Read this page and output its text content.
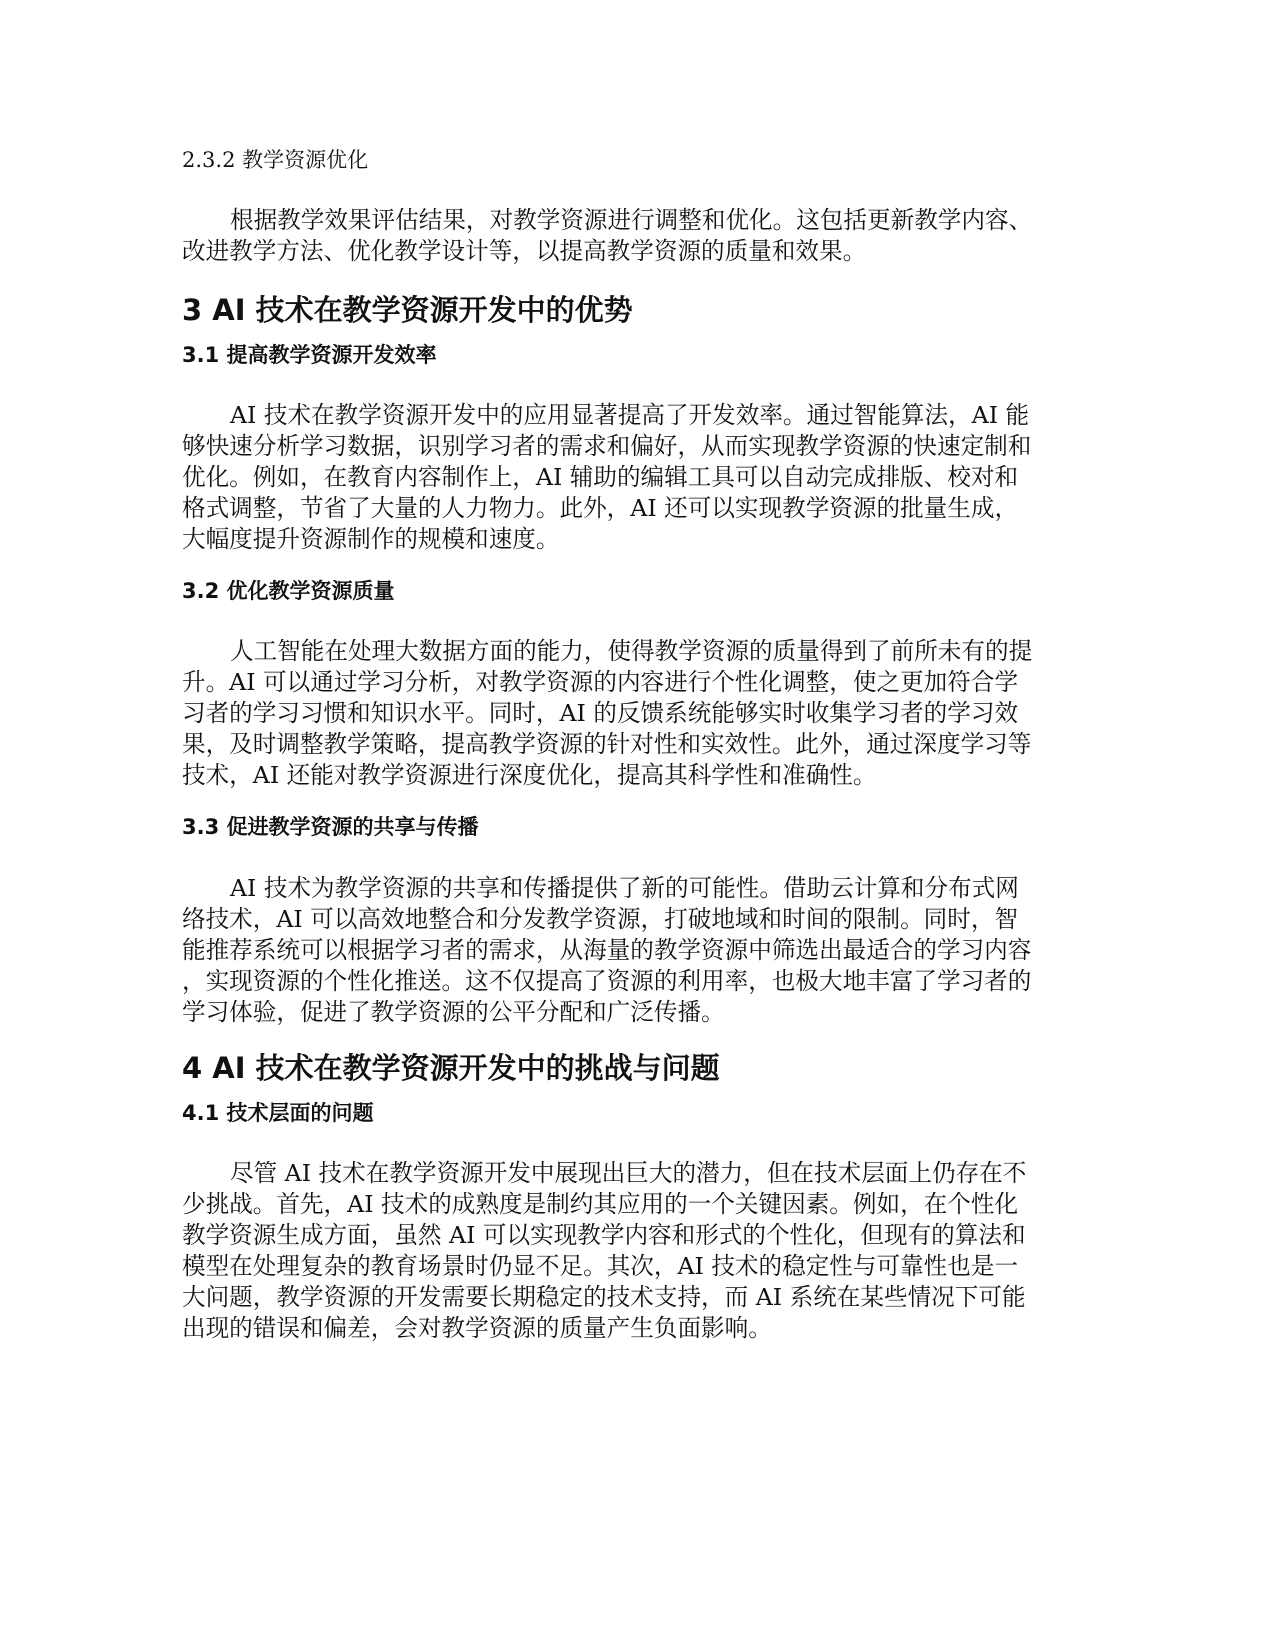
2.3.2 教学资源优化
根据教学效果评估结果，对教学资源进行调整和优化。这包括更新教学内容、
改进教学方法、优化教学设计等，以提高教学资源的质量和效果。
3 AI 技术在教学资源开发中的优势
3.1 提高教学资源开发效率
AI 技术在教学资源开发中的应用显著提高了开发效率。通过智能算法，AI 能
够快速分析学习数据，识别学习者的需求和偏好，从而实现教学资源的快速定制和
优化。例如，在教育内容制作上，AI 辅助的编辑工具可以自动完成排版、校对和
格式调整，节省了大量的人力物力。此外，AI 还可以实现教学资源的批量生成，
大幅度提升资源制作的规模和速度。
3.2 优化教学资源质量
人工智能在处理大数据方面的能力，使得教学资源的质量得到了前所未有的提
升。AI 可以通过学习分析，对教学资源的内容进行个性化调整，使之更加符合学
习者的学习习惯和知识水平。同时，AI 的反馈系统能够实时收集学习者的学习效
果，及时调整教学策略，提高教学资源的针对性和实效性。此外，通过深度学习等
技术，AI 还能对教学资源进行深度优化，提高其科学性和准确性。
3.3 促进教学资源的共享与传播
AI 技术为教学资源的共享和传播提供了新的可能性。借助云计算和分布式网
络技术，AI 可以高效地整合和分发教学资源，打破地域和时间的限制。同时，智
能推荐系统可以根据学习者的需求，从海量的教学资源中筛选出最适合的学习内容
，实现资源的个性化推送。这不仅提高了资源的利用率，也极大地丰富了学习者的
学习体验，促进了教学资源的公平分配和广泛传播。
4 AI 技术在教学资源开发中的挑战与问题
4.1 技术层面的问题
尽管 AI 技术在教学资源开发中展现出巨大的潜力，但在技术层面上仍存在不
少挑战。首先，AI 技术的成熟度是制约其应用的一个关键因素。例如，在个性化
教学资源生成方面，虽然 AI 可以实现教学内容和形式的个性化，但现有的算法和
模型在处理复杂的教育场景时仍显不足。其次，AI 技术的稳定性与可靠性也是一
大问题，教学资源的开发需要长期稳定的技术支持，而 AI 系统在某些情况下可能
出现的错误和偏差，会对教学资源的质量产生负面影响。
